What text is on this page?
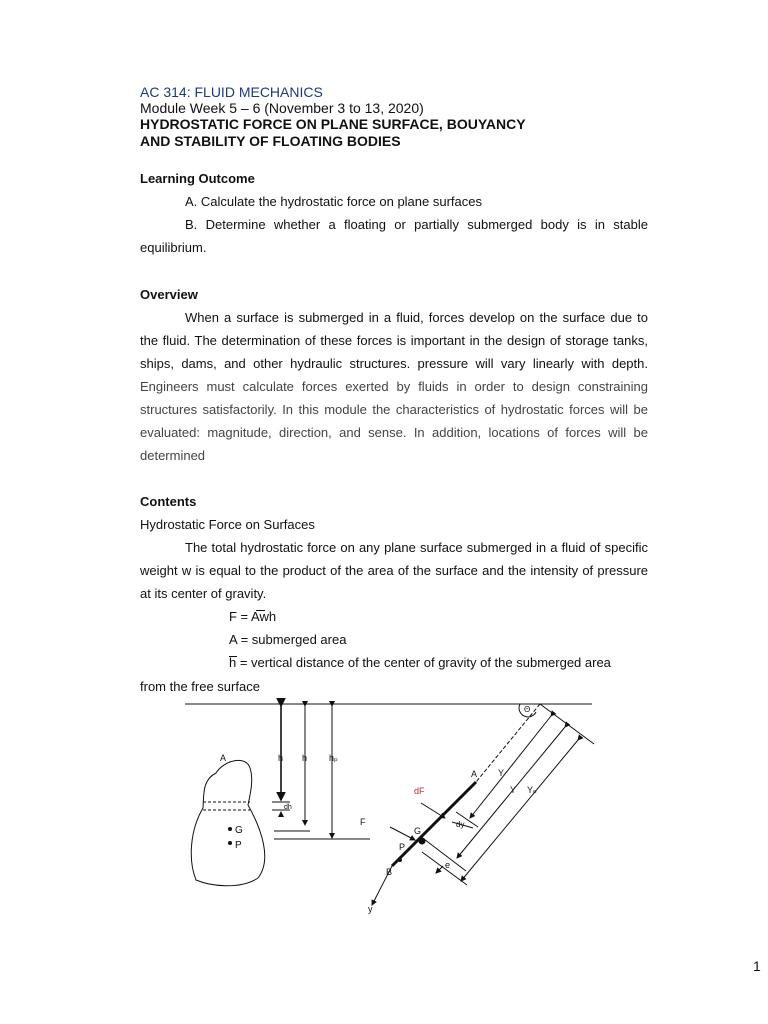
AC 314: FLUID MECHANICS
Module Week 5 – 6 (November 3 to 13, 2020)
HYDROSTATIC FORCE ON PLANE SURFACE, BOUYANCY
AND STABILITY OF FLOATING BODIES
Learning Outcome
A. Calculate the hydrostatic force on plane surfaces
B. Determine whether a floating or partially submerged body is in stable
equilibrium.
Overview
When a surface is submerged in a fluid, forces develop on the surface due to
the fluid. The determination of these forces is important in the design of storage tanks,
ships, dams, and other hydraulic structures. pressure will vary linearly with depth.
Engineers must calculate forces exerted by fluids in order to design constraining
structures satisfactorily. In this module the characteristics of hydrostatic forces will be
evaluated: magnitude, direction, and sense. In addition, locations of forces will be
determined
Contents
Hydrostatic Force on Surfaces
The total hydrostatic force on any plane surface submerged in a fluid of specific
weight w is equal to the product of the area of the surface and the intensity of pressure
at its center of gravity.
F = Awh
A = submerged area
h = vertical distance of the center of gravity of the submerged area
from the free surface
A	h h hₚ
dh
G
P
F
Θ
A
dF
G
P
B
Y
Y Yₚ
dy
e
y
1
